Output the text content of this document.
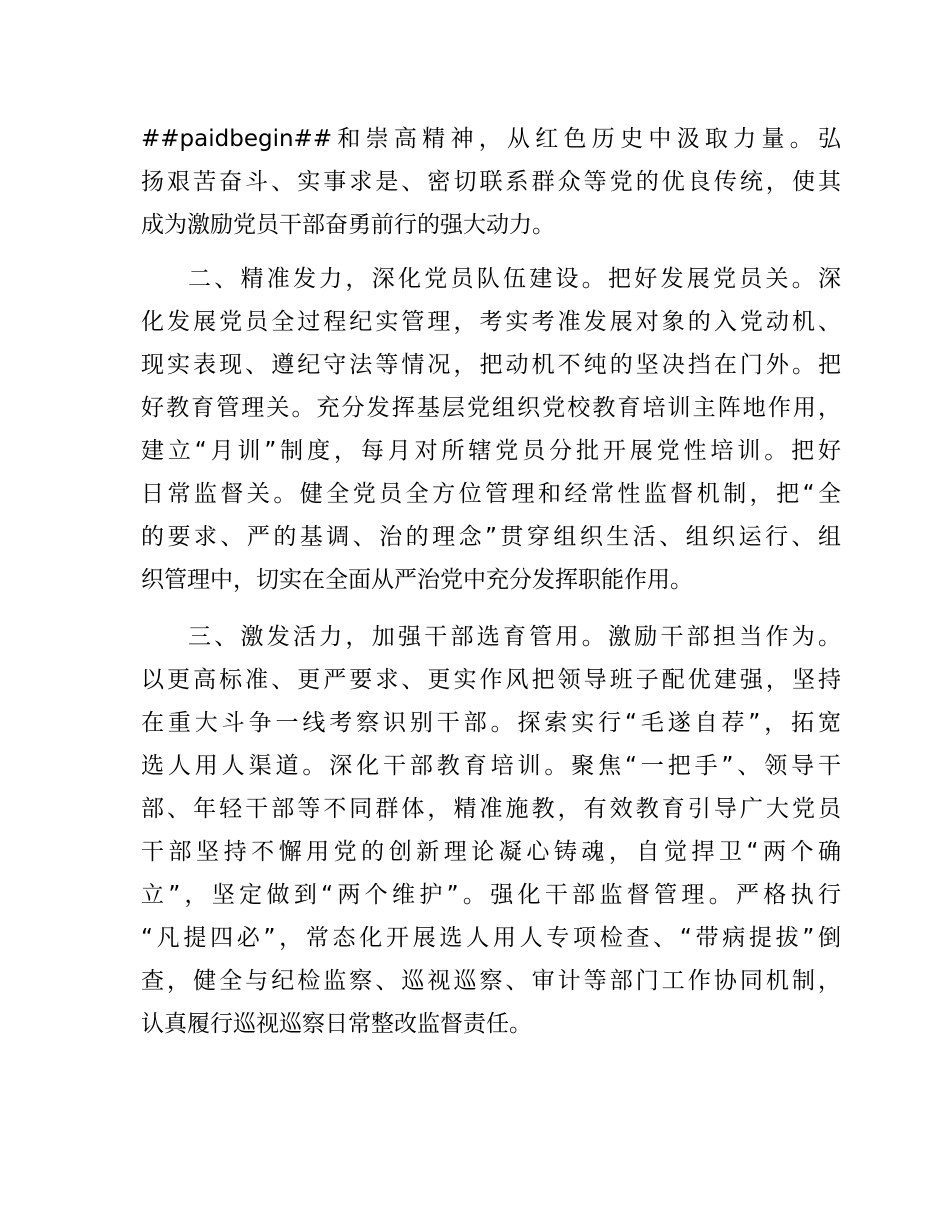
##paidbegin##和崇高精神，从红色历史中汲取力量。弘
扬艰苦奋斗、实事求是、密切联系群众等党的优良传统，使其
成为激励党员干部奋勇前行的强大动力。
二、精准发力，深化党员队伍建设。把好发展党员关。深
化发展党员全过程纪实管理，考实考准发展对象的入党动机、
现实表现、遵纪守法等情况，把动机不纯的坚决挡在门外。把
好教育管理关。充分发挥基层党组织党校教育培训主阵地作用，
建立“月训”制度，每月对所辖党员分批开展党性培训。把好
日常监督关。健全党员全方位管理和经常性监督机制，把“全
的要求、严的基调、治的理念”贯穿组织生活、组织运行、组
织管理中，切实在全面从严治党中充分发挥职能作用。
三、激发活力，加强干部选育管用。激励干部担当作为。
以更高标准、更严要求、更实作风把领导班子配优建强，坚持
在重大斗争一线考察识别干部。探索实行“毛遂自荐”，拓宽
选人用人渠道。深化干部教育培训。聚焦“一把手”、领导干
部、年轻干部等不同群体，精准施教，有效教育引导广大党员
干部坚持不懈用党的创新理论凝心铸魂，自觉捍卫“两个确
立”，坚定做到“两个维护”。强化干部监督管理。严格执行
“凡提四必”，常态化开展选人用人专项检查、“带病提拔”倒
查，健全与纪检监察、巡视巡察、审计等部门工作协同机制，
认真履行巡视巡察日常整改监督责任。
